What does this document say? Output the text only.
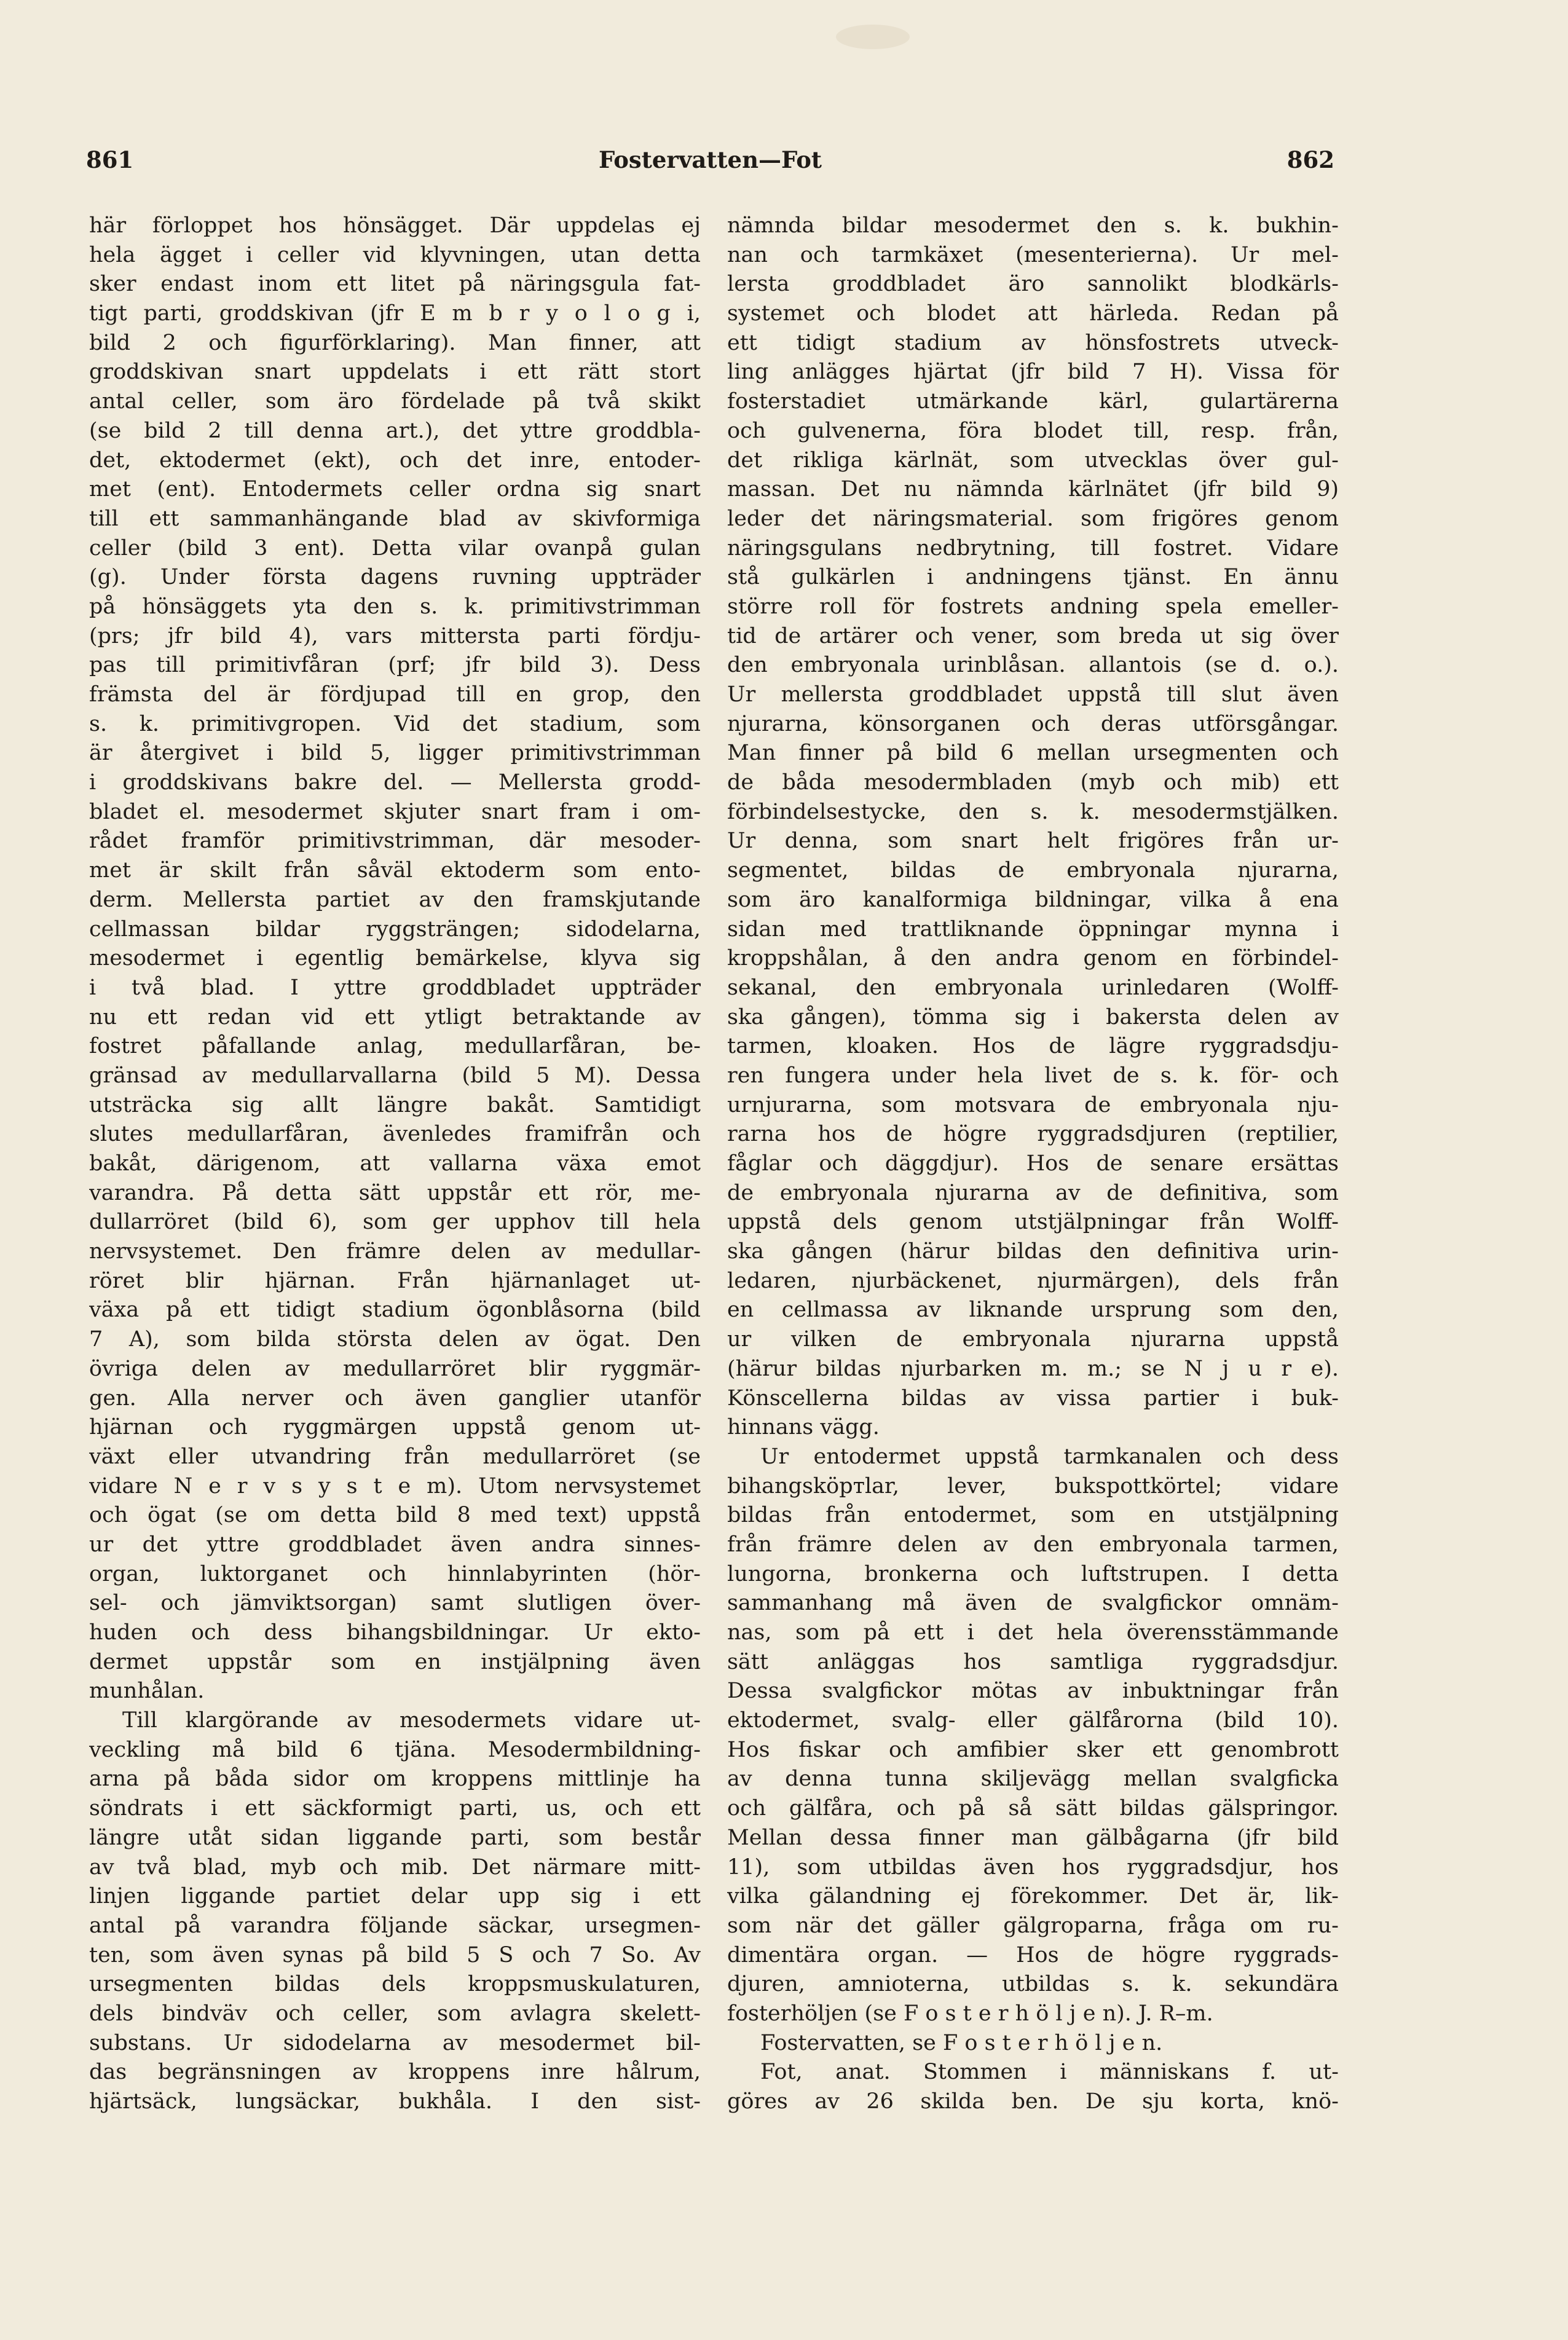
861	Fostervatten—Fot	862
här förloppet hos hönsägget. Där uppdelas ej
hela ägget i celler vid klyvningen, utan detta
sker endast inom ett litet på näringsgula fat-
tigt parti, groddskivan (jfr E m b r y o l o g i,
bild 2 och figurförklaring). Man finner, att
groddskivan snart uppdelats i ett rätt stort
antal celler, som äro fördelade på två skikt
(se bild 2 till denna art.), det yttre groddbla-
det, ektodermet (ekt), och det inre, entoder-
met (ent). Entodermets celler ordna sig snart
till ett sammanhängande blad av skivformiga
celler (bild 3 ent). Detta vilar ovanpå gulan
(g). Under första dagens ruvning uppträder
på hönsäggets yta den s. k. primitivstrimman
(prs; jfr bild 4), vars mittersta parti fördju-
pas till primitivfåran (prf; jfr bild 3). Dess
främsta del är fördjupad till en grop, den
s. k. primitivgropen. Vid det stadium, som
är återgivet i bild 5, ligger primitivstrimman
i groddskivans bakre del. — Mellersta grodd-
bladet el. mesodermet skjuter snart fram i om-
rådet framför primitivstrimman, där mesoder-
met är skilt från såväl ektoderm som ento-
derm. Mellersta partiet av den framskjutande
cellmassan bildar ryggsträngen; sidodelarna,
mesodermet i egentlig bemärkelse, klyva sig
i två blad. I yttre groddbladet uppträder
nu ett redan vid ett ytligt betraktande av
fostret påfallande anlag, medullarfåran, be-
gränsad av medullarvallarna (bild 5 M). Dessa
utsträcka sig allt längre bakåt. Samtidigt
slutes medullarfåran, ävenledes framifrån och
bakåt, därigenom, att vallarna växa emot
varandra. På detta sätt uppstår ett rör, me-
dullarröret (bild 6), som ger upphov till hela
nervsystemet. Den främre delen av medullar-
röret blir hjärnan. Från hjärnanlaget ut-
växa på ett tidigt stadium ögonblåsorna (bild
7 A), som bilda största delen av ögat. Den
övriga delen av medullarröret blir ryggmär-
gen. Alla nerver och även ganglier utanför
hjärnan och ryggmärgen uppstå genom ut-
växt eller utvandring från medullarröret (se
vidare N e r v s y s t e m). Utom nervsystemet
och ögat (se om detta bild 8 med text) uppstå
ur det yttre groddbladet även andra sinnes-
organ, luktorganet och hinnlabyrinten (hör-
sel- och jämviktsorgan) samt slutligen över-
huden och dess bihangsbildningar. Ur ekto-
dermet uppstår som en instjälpning även
munhålan.
Till klargörande av mesodermets vidare ut-
veckling må bild 6 tjäna. Mesodermbildning-
arna på båda sidor om kroppens mittlinje ha
söndrats i ett säckformigt parti, us, och ett
längre utåt sidan liggande parti, som består
av två blad, myb och mib. Det närmare mitt-
linjen liggande partiet delar upp sig i ett
antal på varandra följande säckar, ursegmen-
ten, som även synas på bild 5 S och 7 So. Av
ursegmenten bildas dels kroppsmuskulaturen,
dels bindväv och celler, som avlagra skelett-
substans. Ur sidodelarna av mesodermet bil-
das begränsningen av kroppens inre hålrum,
hjärtsäck, lungsäckar, bukhåla. I den sist-
nämnda bildar mesodermet den s. k. bukhin-
nan och tarmkäxet (mesenterierna). Ur mel-
lersta groddbladet äro sannolikt blodkärls-
systemet och blodet att härleda. Redan på
ett tidigt stadium av hönsfostrets utveck-
ling anlägges hjärtat (jfr bild 7 H). Vissa för
fosterstadiet utmärkande kärl, gulartärerna
och gulvenerna, föra blodet till, resp. från,
det rikliga kärlnät, som utvecklas över gul-
massan. Det nu nämnda kärlnätet (jfr bild 9)
leder det näringsmaterial. som frigöres genom
näringsgulans nedbrytning, till fostret. Vidare
stå gulkärlen i andningens tjänst. En ännu
större roll för fostrets andning spela emeller-
tid de artärer och vener, som breda ut sig över
den embryonala urinblåsan. allantois (se d. o.).
Ur mellersta groddbladet uppstå till slut även
njurarna, könsorganen och deras utförsgångar.
Man finner på bild 6 mellan ursegmenten och
de båda mesodermbladen (myb och mib) ett
förbindelsestycke, den s. k. mesodermstjälken.
Ur denna, som snart helt frigöres från ur-
segmentet, bildas de embryonala njurarna,
som äro kanalformiga bildningar, vilka å ena
sidan med trattliknande öppningar mynna i
kroppshålan, å den andra genom en förbindel-
sekanal, den embryonala urinledaren (Wolff-
ska gången), tömma sig i bakersta delen av
tarmen, kloaken. Hos de lägre ryggradsdju-
ren fungera under hela livet de s. k. för- och
urnjurarna, som motsvara de embryonala nju-
rarna hos de högre ryggradsdjuren (reptilier,
fåglar och däggdjur). Hos de senare ersättas
de embryonala njurarna av de definitiva, som
uppstå dels genom utstjälpningar från Wolff-
ska gången (härur bildas den definitiva urin-
ledaren, njurbäckenet, njurmärgen), dels från
en cellmassa av liknande ursprung som den,
ur vilken de embryonala njurarna uppstå
(härur bildas njurbarken m. m.; se N j u r e).
Könscellerna bildas av vissa partier i buk-
hinnans vägg.
Ur entodermet uppstå tarmkanalen och dess
bihangsköртlar, lever, bukspottkörtel; vidare
bildas från entodermet, som en utstjälpning
från främre delen av den embryonala tarmen,
lungorna, bronkerna och luftstrupen. I detta
sammanhang må även de svalgfickor omnäm-
nas, som på ett i det hela överensstämmande
sätt anläggas hos samtliga ryggradsdjur.
Dessa svalgfickor mötas av inbuktningar från
ektodermet, svalg- eller gälfårorna (bild 10).
Hos fiskar och amfibier sker ett genombrott
av denna tunna skiljevägg mellan svalgficka
och gälfåra, och på så sätt bildas gälspringor.
Mellan dessa finner man gälbågarna (jfr bild
11), som utbildas även hos ryggradsdjur, hos
vilka gälandning ej förekommer. Det är, lik-
som när det gäller gälgroparna, fråga om ru-
dimentära organ. — Hos de högre ryggrads-
djuren, amnioterna, utbildas s. k. sekundära
fosterhöljen (se F o s t e r h ö l j e n). J. R–m.
Fostervatten, se F o s t e r h ö l j e n.
Fot, anat. Stommen i människans f. ut-
göres av 26 skilda ben. De sju korta, knö-
